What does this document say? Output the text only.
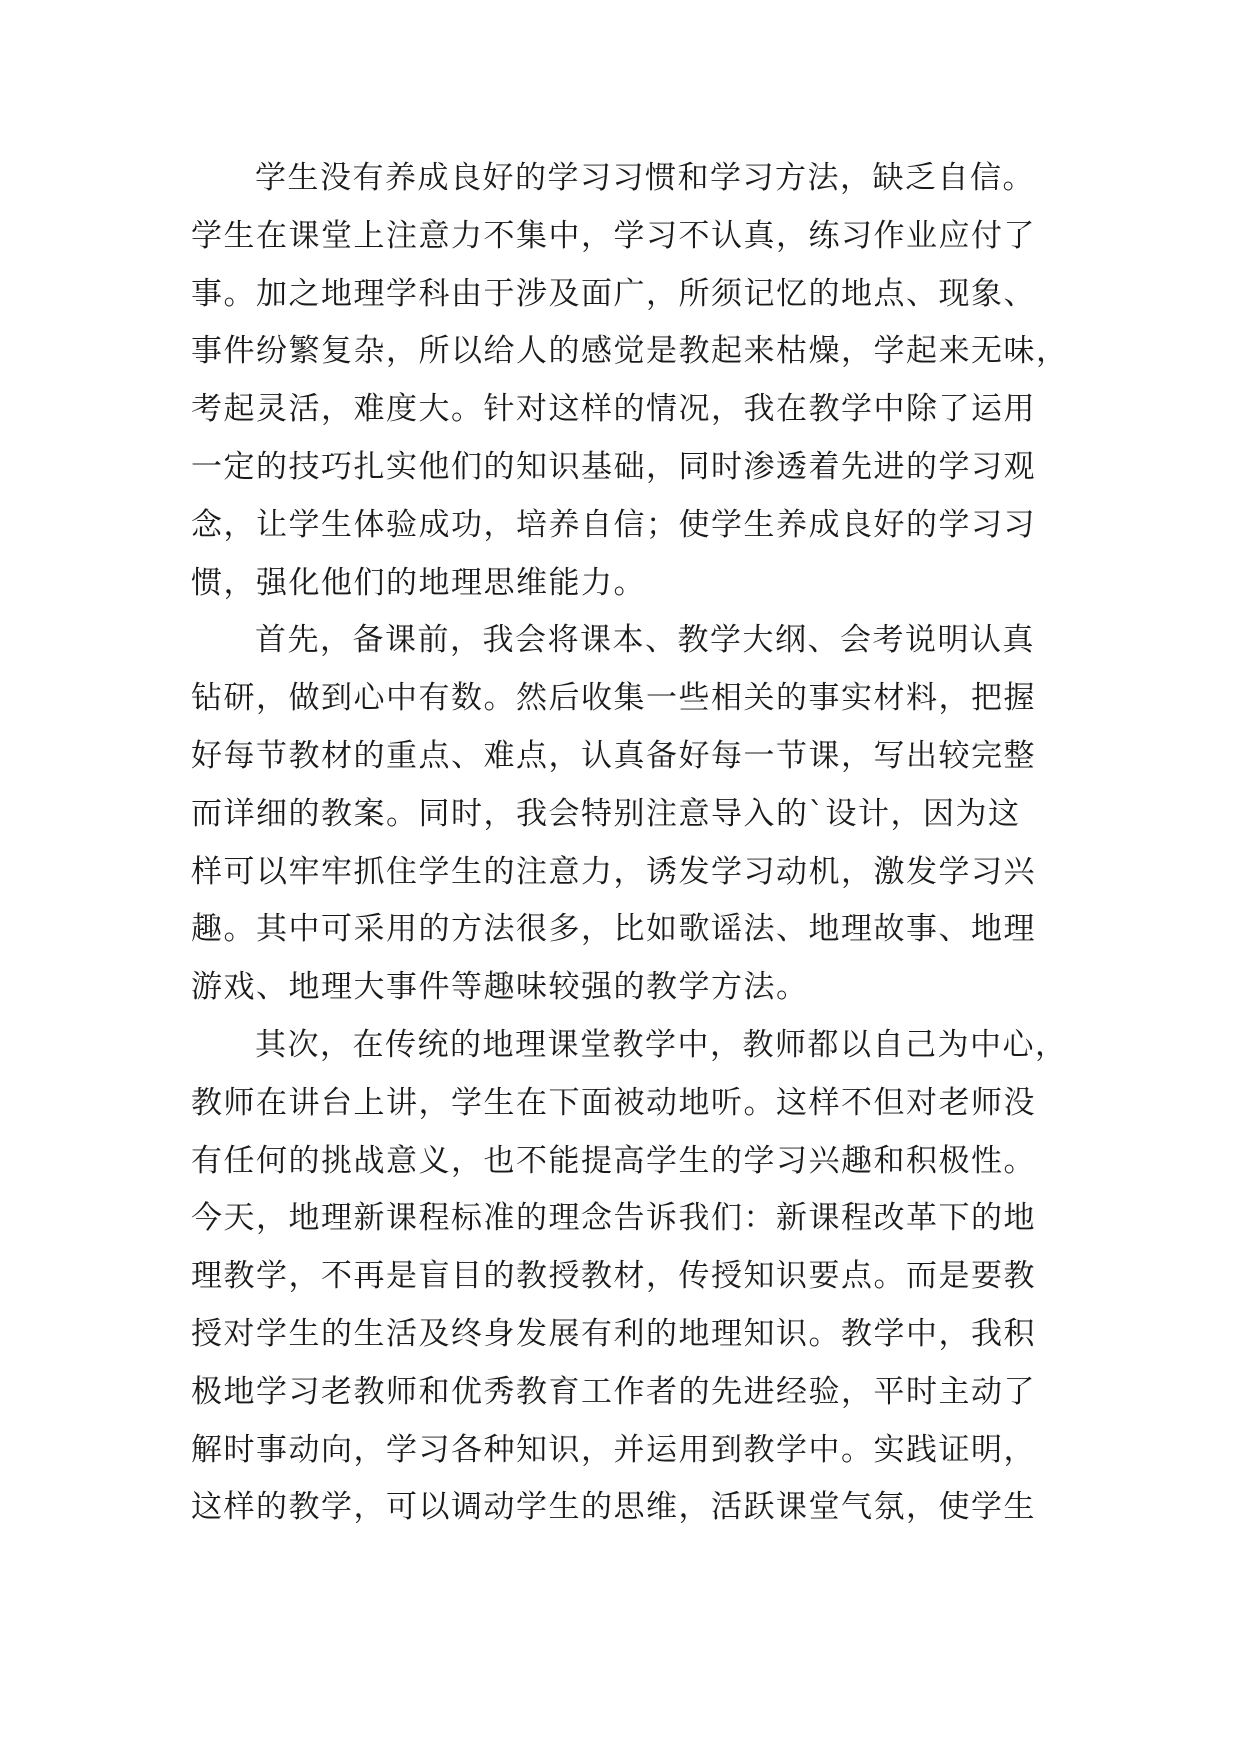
学生没有养成良好的学习习惯和学习方法，缺乏自信。
学生在课堂上注意力不集中，学习不认真，练习作业应付了
事。加之地理学科由于涉及面广，所须记忆的地点、现象、
事件纷繁复杂，所以给人的感觉是教起来枯燥，学起来无味，
考起灵活，难度大。针对这样的情况，我在教学中除了运用
一定的技巧扎实他们的知识基础，同时渗透着先进的学习观
念，让学生体验成功，培养自信；使学生养成良好的学习习
惯，强化他们的地理思维能力。
首先，备课前，我会将课本、教学大纲、会考说明认真
钻研，做到心中有数。然后收集一些相关的事实材料，把握
好每节教材的重点、难点，认真备好每一节课，写出较完整
而详细的教案。同时，我会特别注意导入的`设计，因为这
样可以牢牢抓住学生的注意力，诱发学习动机，激发学习兴
趣。其中可采用的方法很多，比如歌谣法、地理故事、地理
游戏、地理大事件等趣味较强的教学方法。
其次，在传统的地理课堂教学中，教师都以自己为中心，
教师在讲台上讲，学生在下面被动地听。这样不但对老师没
有任何的挑战意义，也不能提高学生的学习兴趣和积极性。
今天，地理新课程标准的理念告诉我们：新课程改革下的地
理教学，不再是盲目的教授教材，传授知识要点。而是要教
授对学生的生活及终身发展有利的地理知识。教学中，我积
极地学习老教师和优秀教育工作者的先进经验，平时主动了
解时事动向，学习各种知识，并运用到教学中。实践证明，
这样的教学，可以调动学生的思维，活跃课堂气氛，使学生
